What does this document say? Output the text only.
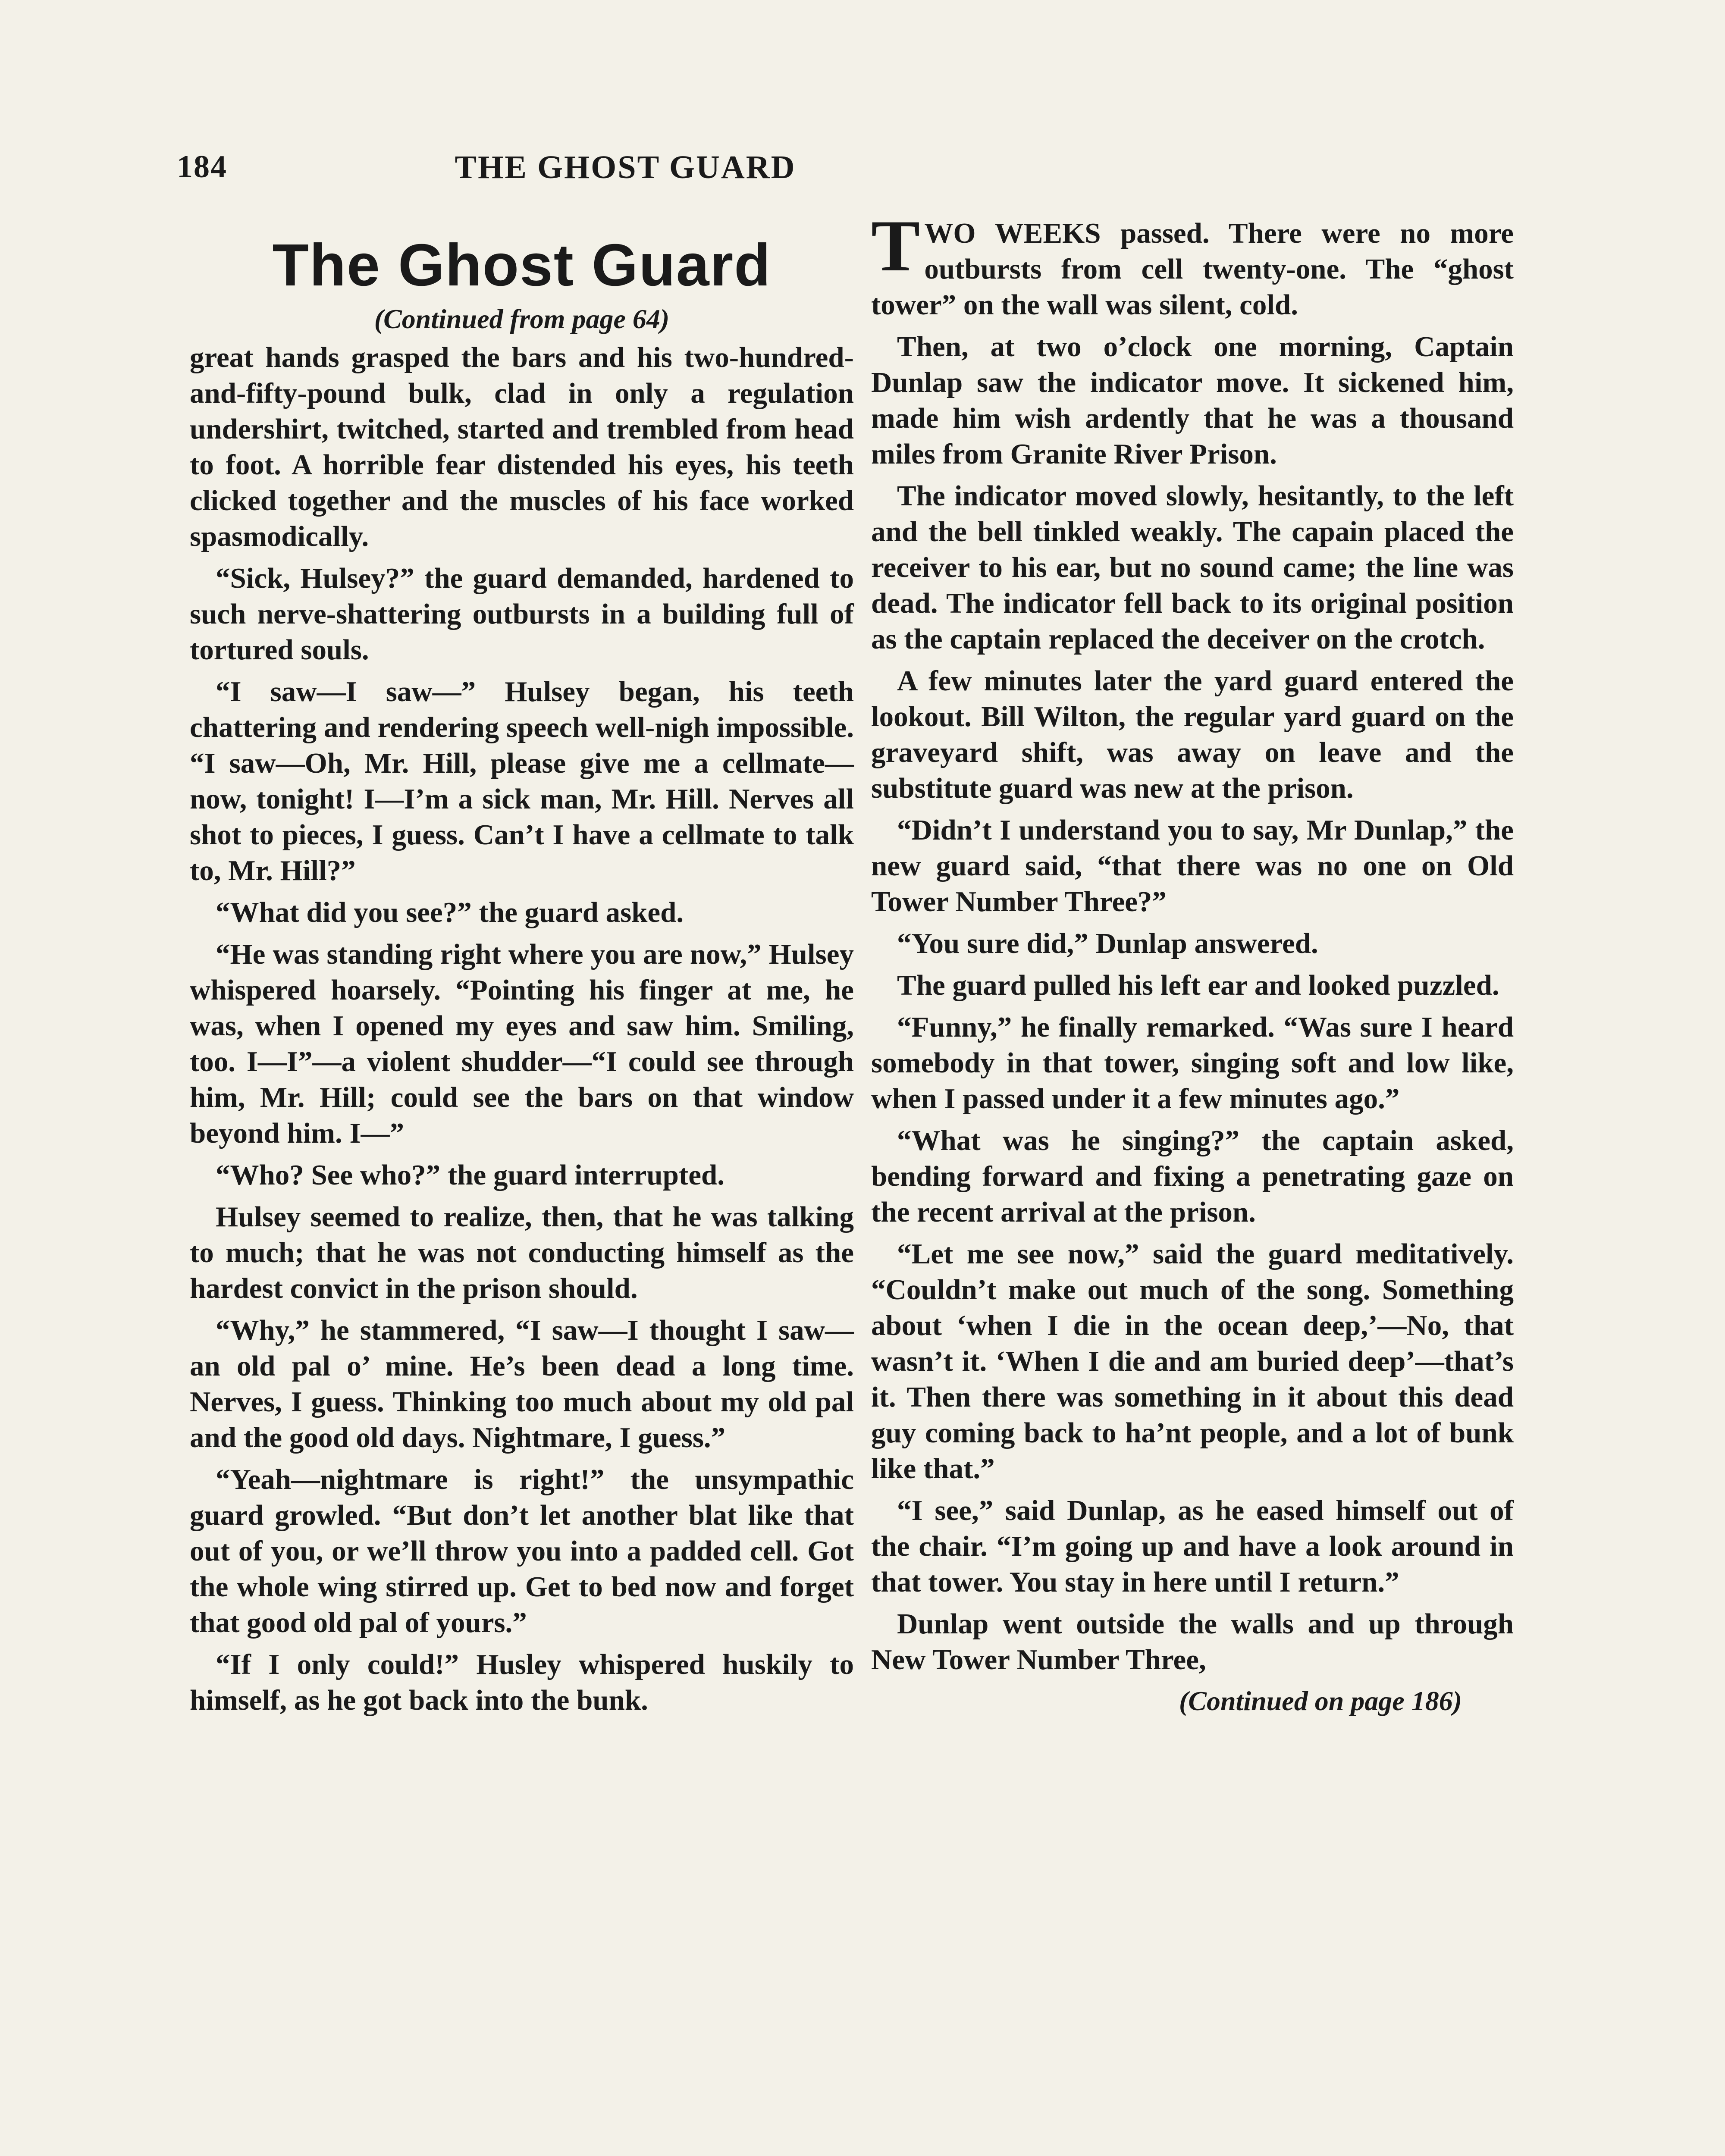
184	THE GHOST GUARD
The Ghost Guard
(Continued from page 64)

great hands grasped the bars and his two-hundred-and-fifty-pound bulk, clad in only a regulation undershirt, twitched, started and trembled from head to foot. A horrible fear distended his eyes, his teeth clicked together and the muscles of his face worked spasmodically.

“Sick, Hulsey?” the guard demanded, hardened to such nerve-shattering outbursts in a building full of tortured souls.

“I saw—I saw—” Hulsey began, his teeth chattering and rendering speech well-nigh impossible. “I saw—Oh, Mr. Hill, please give me a cellmate—now, tonight! I—I’m a sick man, Mr. Hill. Nerves all shot to pieces, I guess. Can’t I have a cellmate to talk to, Mr. Hill?”

“What did you see?” the guard asked.

“He was standing right where you are now,” Hulsey whispered hoarsely. “Pointing his finger at me, he was, when I opened my eyes and saw him. Smiling, too. I—I”—a violent shudder—“I could see through him, Mr. Hill; could see the bars on that window beyond him. I—”

“Who? See who?” the guard interrupted.

Hulsey seemed to realize, then, that he was talking to much; that he was not conducting himself as the hardest convict in the prison should.

“Why,” he stammered, “I saw—I thought I saw—an old pal o’ mine. He’s been dead a long time. Nerves, I guess. Thinking too much about my old pal and the good old days. Nightmare, I guess.”

“Yeah—nightmare is right!” the unsympathic guard growled. “But don’t let another blat like that out of you, or we’ll throw you into a padded cell. Got the whole wing stirred up. Get to bed now and forget that good old pal of yours.”

“If I only could!” Husley whispered huskily to himself, as he got back into the bunk.

TWO WEEKS passed. There were no more outbursts from cell twenty-one. The “ghost tower” on the wall was silent, cold.

Then, at two o’clock one morning, Captain Dunlap saw the indicator move. It sickened him, made him wish ardently that he was a thousand miles from Granite River Prison.

The indicator moved slowly, hesitantly, to the left and the bell tinkled weakly. The capain placed the receiver to his ear, but no sound came; the line was dead. The indicator fell back to its original position as the captain replaced the deceiver on the crotch.

A few minutes later the yard guard entered the lookout. Bill Wilton, the regular yard guard on the graveyard shift, was away on leave and the substitute guard was new at the prison.

“Didn’t I understand you to say, Mr Dunlap,” the new guard said, “that there was no one on Old Tower Number Three?”

“You sure did,” Dunlap answered.

The guard pulled his left ear and looked puzzled.

“Funny,” he finally remarked. “Was sure I heard somebody in that tower, singing soft and low like, when I passed under it a few minutes ago.”

“What was he singing?” the captain asked, bending forward and fixing a penetrating gaze on the recent arrival at the prison.

“Let me see now,” said the guard meditatively. “Couldn’t make out much of the song. Something about ‘when I die in the ocean deep,’—No, that wasn’t it. ‘When I die and am buried deep’—that’s it. Then there was something in it about this dead guy coming back to ha’nt people, and a lot of bunk like that.”

“I see,” said Dunlap, as he eased himself out of the chair. “I’m going up and have a look around in that tower. You stay in here until I return.”

Dunlap went outside the walls and up through New Tower Number Three,

(Continued on page 186)
